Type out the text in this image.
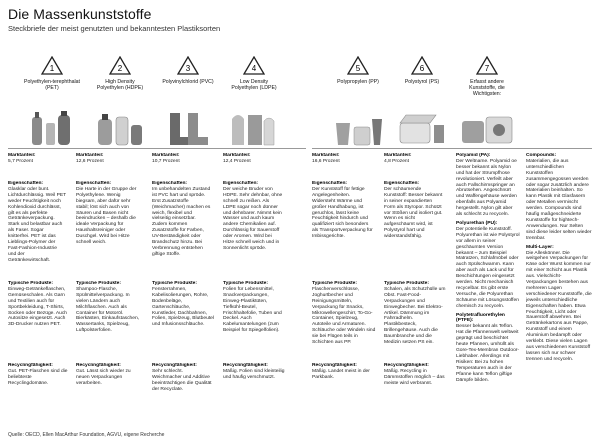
Die Massenkunststoffe
Steckbriefe der meist genutzten und bekanntesten Plastiksorten
1
Polyethylen-terephthalat (PET)
2
High Density Polyethylen (HDPE)
3
Polyvinylchlorid (PVC)
4
Low Density Polyethylen (LDPE)
5
Polypropylen (PP)
6
Polystyrol (PS)
7
Erfasst andere Kunststoffe, die Wichtigsten:
Marktanteil:
5,7 Prozent
Marktanteil:
12,6 Prozent
Marktanteil:
10,7 Prozent
Marktanteil:
12,4 Prozent
Marktanteil:
16,6 Prozent
Marktanteil:
4,8 Prozent
Eigenschaften:
Glasklar oder bunt. Lichtdurchlässig. Weil PET weder Feuchtigkeit noch Kohlendioxid durchlässt, gilt es als perfekte Getränkeverpackung. Stark und belastbar auch als Faser. Sogar knitterfrei. PET ist das Lieblings-Polymer der Fast-Fashion-Industrie und der Getränkewirtschaft.
Eigenschaften:
Die Harte in der Gruppe der Polyethylene. Wenig biegsam, aber dafür sehr stabil; löst sich auch von Säuren und Basen nicht beeindrucken – deshalb die ideale Verpackung für Haushaltsreiniger oder Duschgel. Wird bei Hitze schnell weich.
Eigenschaften:
Im unbehandelten Zustand ist PVC hart und spröde. Erst Zusatzstoffe (Weichmacher) machen es weich, flexibel und vielseitig einsetzbar. Zudem kommen Zusatzstoffe für Farben, UV-Beständigkeit oder Brandschutz hinzu. Bei Verbrennung entstehen giftige Stoffe.
Eigenschaften:
Der weiche Bruder von HDPE. Sehr dehnbar, ohne schnell zu reißen. Als LDPE sogar noch dünner und dehnbarer. Nimmt kein Wasser und auch kaum andere Chemikalien auf. Durchlässig für Sauerstoff oder Aromen. Wird bei Hitze schnell weich und in Sonnenlicht spröde.
Eigenschaften:
Der Kunststoff für fettige Angelegenheiten. Widersteht Wärme und großer Handhabung, ist geruchlos, lässt keine Feuchtigkeit hindurch und qualifiziert sich besonders als Transportverpackung für Imbissgerichte.
Eigenschaften:
Der schäumende Kunststoff: Besser bekannt in seiner expandierten Form als Styropor. Schützt vor Stößen und isoliert gut. Wenn es nicht aufgeschäumt wird, ist Polystyrol hart und widerstandsfähig.
Typische Produkte:
Einweg-Getränkeflaschen, Gemüseschalen. Als Garn und Textilien auch für Sportbekleidung, T-Shirts, Socken oder Bezüge. Auch Autositze eingesetzt. Auch 3D-Drucker nutzen PET.
Typische Produkte:
Shampoo-Flasche, Spülmittelverpackung. In vielen Ländern auch Milchflaschen. Auch als Container für Motoröl. Bierkästen, Einkaufstaschen, Wassertanks, Spielzeug, Luftpolsterfolien.
Typische Produkte:
Fensterrahmen, Kabelisolierungen, Rohre, Bodenbeläge, Gartenschläuche, Kunstleder, Dachbahnen, Folien, Spielzeug, Blutbeutel und Infusionsschläuche.
Typische Produkte:
Folien für Lebensmittel, Snackverpackungen, Einweg-Plastiktüten, Tiefkühl-Beutel, Frischhaltefolie, Tuben und Deckel. Auch Kabelumantelungen (zum Beispiel für Spiegelfolien).
Typische Produkte:
Flaschenverschlüsse, Joghurtbecher und Reinigungsmitteln, Verpackung für Snacks, Mikrowellengeschirr, To-Go-Container, Spielzeug, Autoteile und Armaturen. Schläuche oder Windeln sind sie bei Flügen teils in Schichten aus PP.
Typische Produkte:
Schalen, als Schutzhülle um Obst. Fast-Food-Verpackungen und Einwegbecher. Bei Elektro-Artikel. Dämmung im Fahrradhelm. Plastikbesteck, Brillengehäuse. Auch die Baumbranche und die Medizin setzen PS ein.
Recyclingfähigkeit:
Gut. PET-Flaschen sind die beliebteste Recyclingdomäne.
Recyclingfähigkeit:
Gut. Lässt sich wieder zu neuen Verpackungen verarbeiten.
Recyclingfähigkeit:
Sehr schlecht. Weichmacher und Additive beeinträchtigen die Qualität der Recyclate.
Recyclingfähigkeit:
Mäßig. Folien sind kleinteilig und häufig verschmutzt.
Recyclingfähigkeit:
Mäßig. Landet meist in der Parkbank.
Recyclingfähigkeit:
Mäßig. Recycling in Dämmstoffen möglich – das meiste wird verbrannt.
Polyamid (PA):
Der Weltname. Polyamid oe besser bekannt als Nylon und hat der Strumpfhose revolutioniert. Verfeilt aber auch Fallschirmspringer an Abrutsehen. Angeschnürt und Waffengehäuse werden ebenfalls aus Polyamid hergestellt. Nylon gilt aber als schlecht zu recyceln.
Polyurethan (PU):
Der potentielle Kunststoff. Polyurethan ist wie Polystyrol vor allem in seiner geschäumten Version bekannt – zum Beispiel Matratzen, Schlafmöbel oder auch Spülschwamm. Kann aber auch als Lack und für Beschichtungen eingesetzt werden. Nicht mechanisch recycelbar. Es gibt erste Versuche, die Polyurethan Schäume mit Lösungsstoffen chemisch zu recyceln.
Polytetrafluorethylen (PTFE):
Besser bekannt als Teflon. Hat die Pfannenwelt weltweit geprägt und beschichtet heute Pfannen, umhüllt als Gore-Tex-Membran Outdoor-Liebhaber. Allerdings mit Risiken: Bei zu hohen Temperaturen auch in der Pfanne kann Teflon giftige Dämpfe bilden.
Compounds:
Materialien, die aus unterschiedlichen Kunststoffen zusammengegossen werden oder sogar zusätzlich andere Materialien beinhalten. So kann Plastik mit Glasfasern oder Metallen vermischt werden. Compounds sind häufig maßgeschneiderte Kunststoffe für hightech-Anwendungen. Nur Selten sind diese leider selten wieder trennbar.
Multi-Layer:
Die Alleskönner. Die weitgehen Verpackungen für Käse oder Wurst kommen nur mit einer Schicht aus Plastik aus. Vielschicht-Verpackungen bestehen aus mehreren Lagen verschiedener Kunststoffe, die jeweils unterschiedliche Eigenschaften haben. Etwa Feuchtigkeit, Licht oder Sauerstoff abwehren. Bei Getränkekartons aus Pappe, Kunststoff und einem Aluminium bedampft oder verklebt. Diese vielen Lagen aus verschiedenen Kunststoff lassen sich nur schwer trennen und recyceln.
Quelle: OECD, Ellen MacArthur Foundation, AGVU, eigene Recherche
